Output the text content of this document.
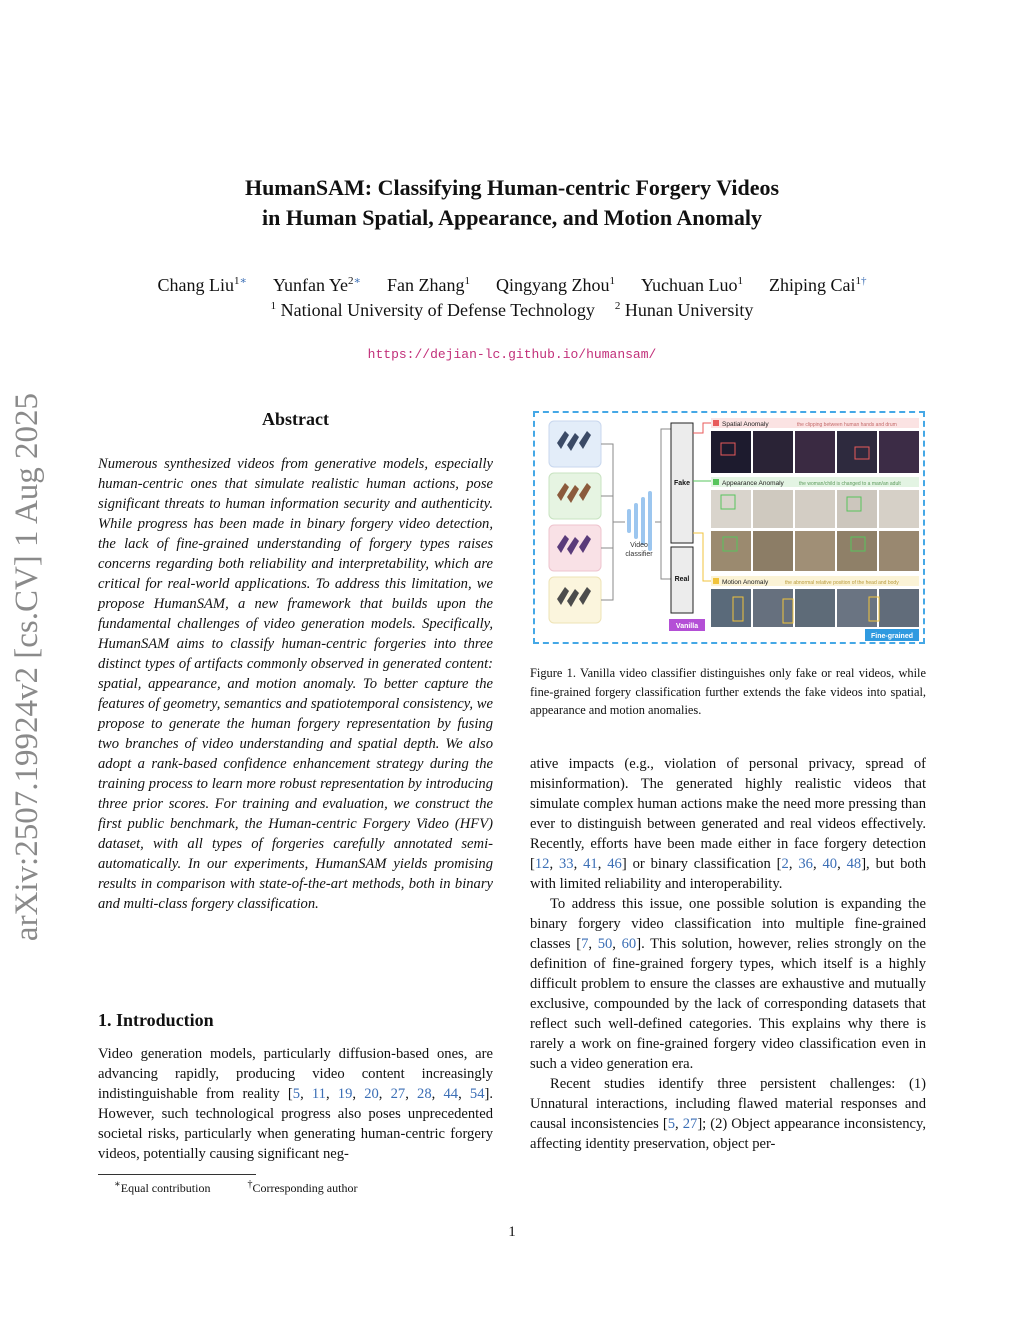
arXiv:2507.19924v2 [cs.CV] 1 Aug 2025
HumanSAM: Classifying Human-centric Forgery Videos
in Human Spatial, Appearance, and Motion Anomaly
Chang Liu$^{1∗}$ Yunfan $Ye^{2∗}$ Fan Zhang$^1$ Qingyang Zhou$^1$ Yuchuan Luo$^1$ Zhiping Cai$^{1\dagger}$
$^1$ National University of Defense Technology $^2$ Hunan University
https://dejian-lc.github.io/humansam/
Abstract
Numerous synthesized videos from generative models, especially human-centric ones that simulate realistic human actions, pose significant threats to human information security and authenticity. While progress has been made in binary forgery video detection, the lack of fine-grained understanding of forgery types raises concerns regarding both reliability and interpretability, which are critical for real-world applications. To address this limitation, we propose HumanSAM, a new framework that builds upon the fundamental challenges of video generation models. Specifically, HumanSAM aims to classify human-centric forgeries into three distinct types of artifacts commonly observed in generated content: spatial, appearance, and motion anomaly. To better capture the features of geometry, semantics and spatiotemporal consistency, we propose to generate the human forgery representation by fusing two branches of video understanding and spatial depth. We also adopt a rank-based confidence enhancement strategy during the training process to learn more robust representation by introducing three prior scores. For training and evaluation, we construct the first public benchmark, the Human-centric Forgery Video (HFV) dataset, with all types of forgeries carefully annotated semi-automatically. In our experiments, HumanSAM yields promising results in comparison with state-of-the-art methods, both in binary and multi-class forgery classification.
1. Introduction
Video generation models, particularly diffusion-based ones, are advancing rapidly, producing video content increasingly indistinguishable from reality [5, 11, 19, 20, 27, 28, 44, 54]. However, such technological progress also poses unprecedented societal risks, particularly when generating human-centric forgery videos, potentially causing significant neg-
∗Equal contribution	†Corresponding author
Video
classifier
Fake
Real
Vanilla
Spatial Anomaly	the clipping between human hands and drum
Appearance Anomaly	the woman/child is changed to a man/an adult
Motion Anomaly	the abnormal relative position of the head and body
Fine-grained
Figure 1. Vanilla video classifier distinguishes only fake or real videos, while fine-grained forgery classification further extends the fake videos into spatial, appearance and motion anomalies.

ative impacts (e.g., violation of personal privacy, spread of misinformation). The generated highly realistic videos that simulate complex human actions make the need more pressing than ever to distinguish between generated and real videos effectively. Recently, efforts have been made either in face forgery detection [12, 33, 41, 46] or binary classification [2, 36, 40, 48], but both with limited reliability and interoperability.

To address this issue, one possible solution is expanding the binary forgery video classification into multiple fine-grained classes [7, 50, 60]. This solution, however, relies strongly on the definition of fine-grained forgery types, which itself is a highly difficult problem to ensure the classes are exhaustive and mutually exclusive, compounded by the lack of corresponding datasets that reflect such well-defined categories. This explains why there is rarely a work on fine-grained forgery video classification even in such a video generation era.

Recent studies identify three persistent challenges: (1) Unnatural interactions, including flawed material responses and causal inconsistencies [5, 27]; (2) Object appearance inconsistency, affecting identity preservation, object per-

1
